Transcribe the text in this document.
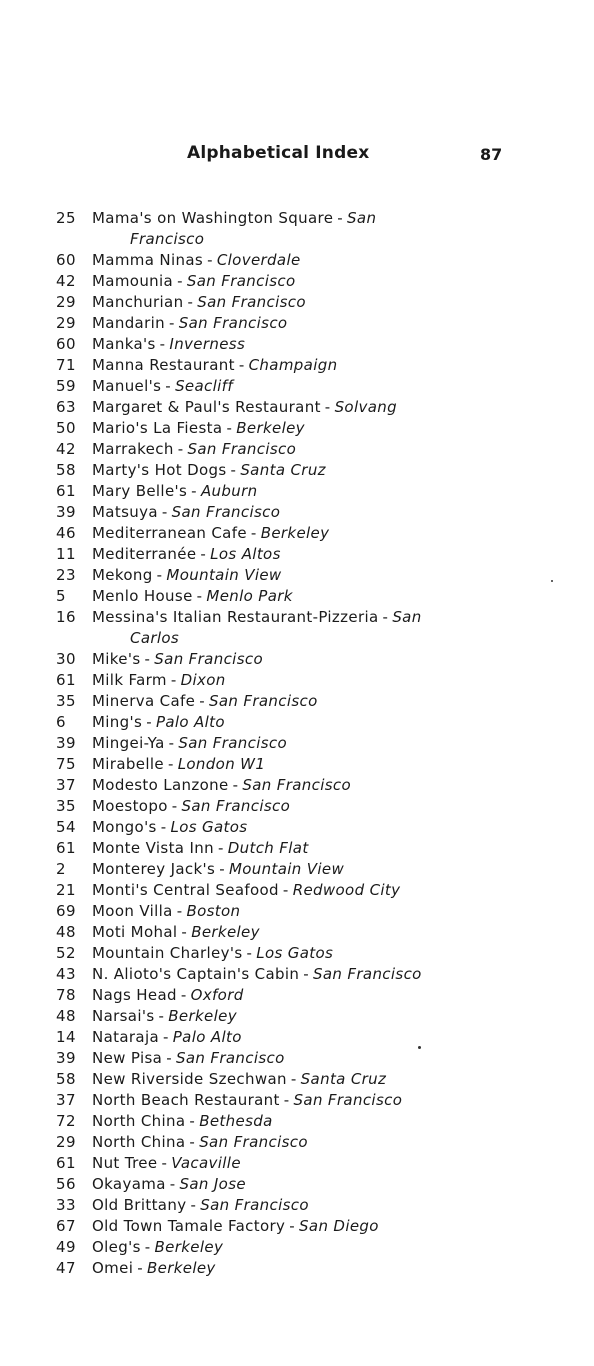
Alphabetical Index	87
25	Mama's on Washington Square - San
Francisco
60	Mamma Ninas - Cloverdale
42	Mamounia - San Francisco
29	Manchurian - San Francisco
29	Mandarin - San Francisco
60	Manka's - Inverness
71	Manna Restaurant - Champaign
59	Manuel's - Seacliff
63	Margaret & Paul's Restaurant - Solvang
50	Mario's La Fiesta - Berkeley
42	Marrakech - San Francisco
58	Marty's Hot Dogs - Santa Cruz
61	Mary Belle's - Auburn
39	Matsuya - San Francisco
46	Mediterranean Cafe - Berkeley
11	Mediterranée - Los Altos
23	Mekong - Mountain View
5	Menlo House - Menlo Park
16	Messina's Italian Restaurant-Pizzeria - San
Carlos
30	Mike's - San Francisco
61	Milk Farm - Dixon
35	Minerva Cafe - San Francisco
6	Ming's - Palo Alto
39	Mingei-Ya - San Francisco
75	Mirabelle - London W1
37	Modesto Lanzone - San Francisco
35	Moestopo - San Francisco
54	Mongo's - Los Gatos
61	Monte Vista Inn - Dutch Flat
2	Monterey Jack's - Mountain View
21	Monti's Central Seafood - Redwood City
69	Moon Villa - Boston
48	Moti Mohal - Berkeley
52	Mountain Charley's - Los Gatos
43	N. Alioto's Captain's Cabin - San Francisco
78	Nags Head - Oxford
48	Narsai's - Berkeley
14	Nataraja - Palo Alto
39	New Pisa - San Francisco
58	New Riverside Szechwan - Santa Cruz
37	North Beach Restaurant - San Francisco
72	North China - Bethesda
29	North China - San Francisco
61	Nut Tree - Vacaville
56	Okayama - San Jose
33	Old Brittany - San Francisco
67	Old Town Tamale Factory - San Diego
49	Oleg's - Berkeley
47	Omei - Berkeley
